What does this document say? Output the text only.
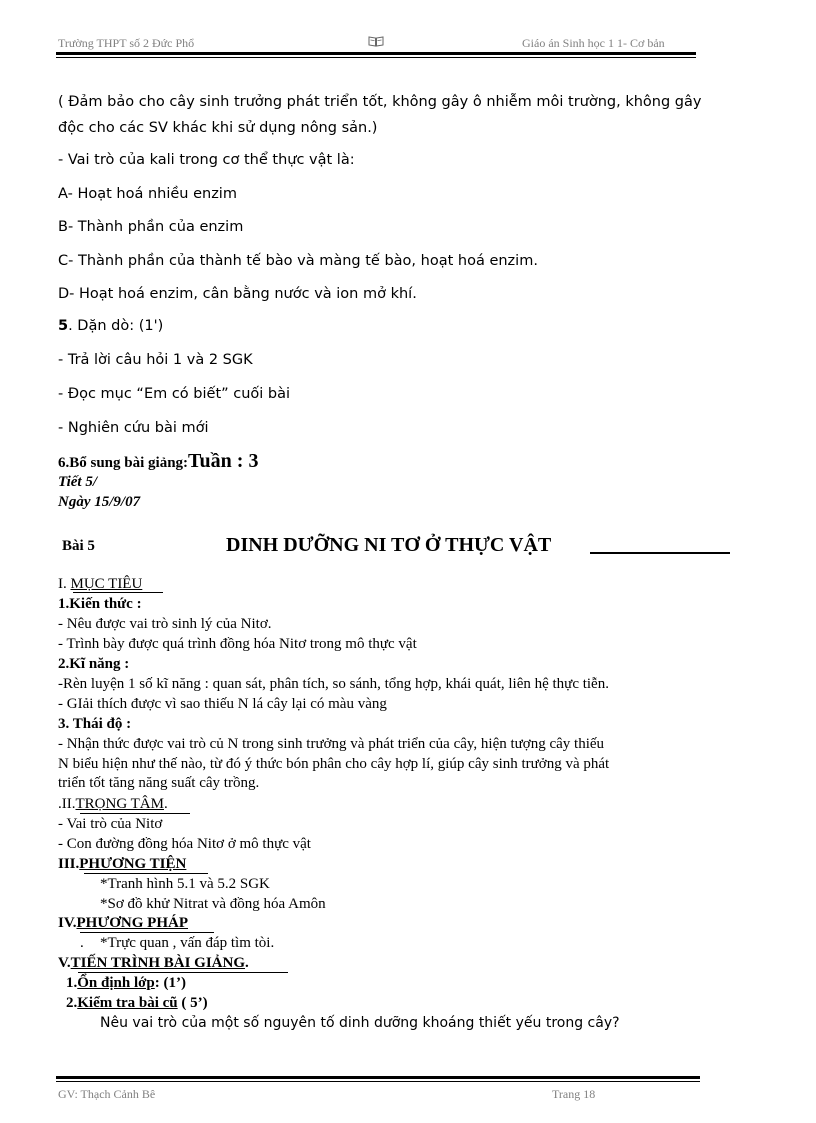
Trường THPT số 2 Đức Phổ	Giáo án Sinh học 1 1- Cơ bản
( Đảm bảo cho cây sinh trưởng phát triển tốt, không gây ô nhiễm môi trường, không gây
độc cho các SV khác khi sử dụng nông sản.)
- Vai trò của kali trong cơ thể thực vật là:
A- Hoạt hoá nhiều enzim
B- Thành phần của enzim
C- Thành phần của thành tế bào và màng tế bào, hoạt hoá enzim.
D- Hoạt hoá enzim, cân bằng nước và ion mở khí.
5. Dặn dò: (1')
- Trả lời câu hỏi 1 và 2 SGK
- Đọc mục “Em có biết” cuối bài
- Nghiên cứu bài mới
6.Bổ sung bài giảng:Tuần : 3
Tiết 5/
Ngày 15/9/07
Bài 5	DINH DƯỠNG NI TƠ Ở THỰC VẬT
I. MỤC TIÊU
1.Kiến thức :
- Nêu được vai trò sinh lý của Nitơ.
- Trình bày được quá trình đồng hóa Nitơ trong mô thực vật
2.Kĩ năng :
-Rèn luyện 1 số kĩ năng : quan sát, phân tích, so sánh, tổng hợp, khái quát, liên hệ thực tiễn.
- GIải thích được vì sao thiếu N lá cây lại có màu vàng
3. Thái độ :
- Nhận thức được vai trò củ N trong sinh trưởng và phát triển của cây, hiện tượng cây thiếu
N biểu hiện như thế nào, từ đó ý thức bón phân cho cây hợp lí, giúp cây sinh trưởng và phát
triển tốt tăng năng suất cây trồng.
.II.TRỌNG TÂM.
- Vai trò của Nitơ
- Con đường đồng hóa Nitơ ở mô thực vật
III.PHƯƠNG TIỆN
*Tranh hình 5.1 và 5.2 SGK
*Sơ đồ khử Nitrat và đồng hóa Amôn
IV.PHƯƠNG PHÁP
. *Trực quan , vấn đáp tìm tòi.
V.TIẾN TRÌNH BÀI GIẢNG.
1.Ổn định lớp: (1’)
2.Kiểm tra bài cũ ( 5’)
Nêu vai trò của một số nguyên tố dinh dưỡng khoáng thiết yếu trong cây?
GV: Thạch Cảnh Bê	Trang 18
